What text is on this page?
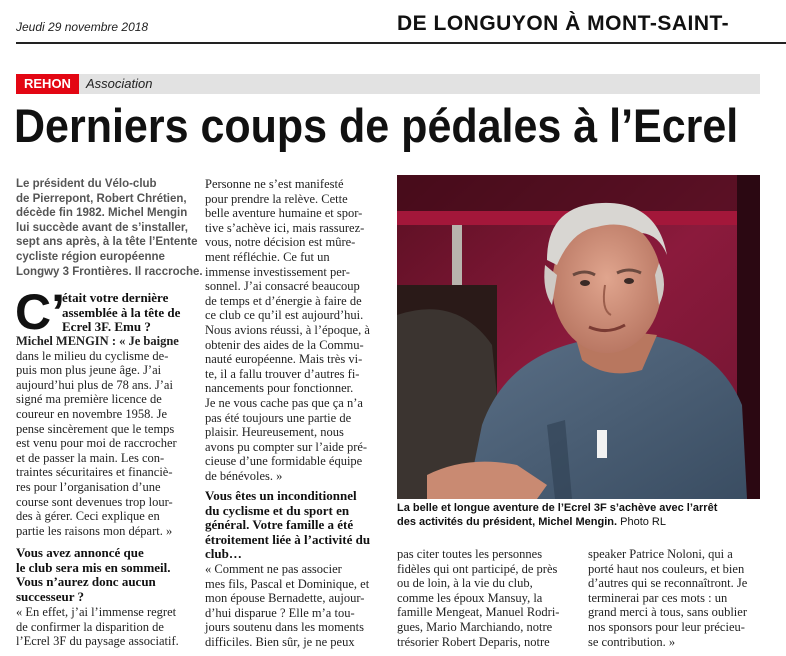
Jeudi 29 novembre 2018	DE LONGUYON À MONT-SAINT-
REHON	Association
Derniers coups de pédales à l’Ecrel
Le président du Vélo-club
de Pierrepont, Robert Chrétien,
décède fin 1982. Michel Mengin
lui succède avant de s’installer,
sept ans après, à la tête l’Entente
cycliste région européenne
Longwy 3 Frontières. Il raccroche.
C’
était votre dernière
assemblée à la tête de
Ecrel 3F. Emu ?
Michel MENGIN : « Je baigne
dans le milieu du cyclisme de-
puis mon plus jeune âge. J’ai
aujourd’hui plus de 78 ans. J’ai
signé ma première licence de
coureur en novembre 1958. Je
pense sincèrement que le temps
est venu pour moi de raccrocher
et de passer la main. Les con-
traintes sécuritaires et financiè-
res pour l’organisation d’une
course sont devenues trop lour-
des à gérer. Ceci explique en
partie les raisons mon départ. »
Vous avez annoncé que
le club sera mis en sommeil.
Vous n’aurez donc aucun
successeur ?
« En effet, j’ai l’immense regret
de confirmer la disparition de
l’Ecrel 3F du paysage associatif.
Personne ne s’est manifesté
pour prendre la relève. Cette
belle aventure humaine et spor-
tive s’achève ici, mais rassurez-
vous, notre décision est mûre-
ment réfléchie. Ce fut un
immense investissement per-
sonnel. J’ai consacré beaucoup
de temps et d’énergie à faire de
ce club ce qu’il est aujourd’hui.
Nous avions réussi, à l’époque, à
obtenir des aides de la Commu-
nauté européenne. Mais très vi-
te, il a fallu trouver d’autres fi-
nancements pour fonctionner.
Je ne vous cache pas que ça n’a
pas été toujours une partie de
plaisir. Heureusement, nous
avons pu compter sur l’aide pré-
cieuse d’une formidable équipe
de bénévoles. »
Vous êtes un inconditionnel
du cyclisme et du sport en
général. Votre famille a été
étroitement liée à l’activité du
club…
« Comment ne pas associer
mes fils, Pascal et Dominique, et
mon épouse Bernadette, aujour-
d’hui disparue ? Elle m’a tou-
jours soutenu dans les moments
difficiles. Bien sûr, je ne peux
pas citer toutes les personnes
fidèles qui ont participé, de près
ou de loin, à la vie du club,
comme les époux Mansuy, la
famille Mengeat, Manuel Rodri-
gues, Mario Marchiando, notre
trésorier Robert Deparis, notre
speaker Patrice Noloni, qui a
porté haut nos couleurs, et bien
d’autres qui se reconnaîtront. Je
terminerai par ces mots : un
grand merci à tous, sans oublier
nos sponsors pour leur précieu-
se contribution. »
La belle et longue aventure de l’Ecrel 3F s’achève avec l’arrêt
des activités du président, Michel Mengin. Photo RL
